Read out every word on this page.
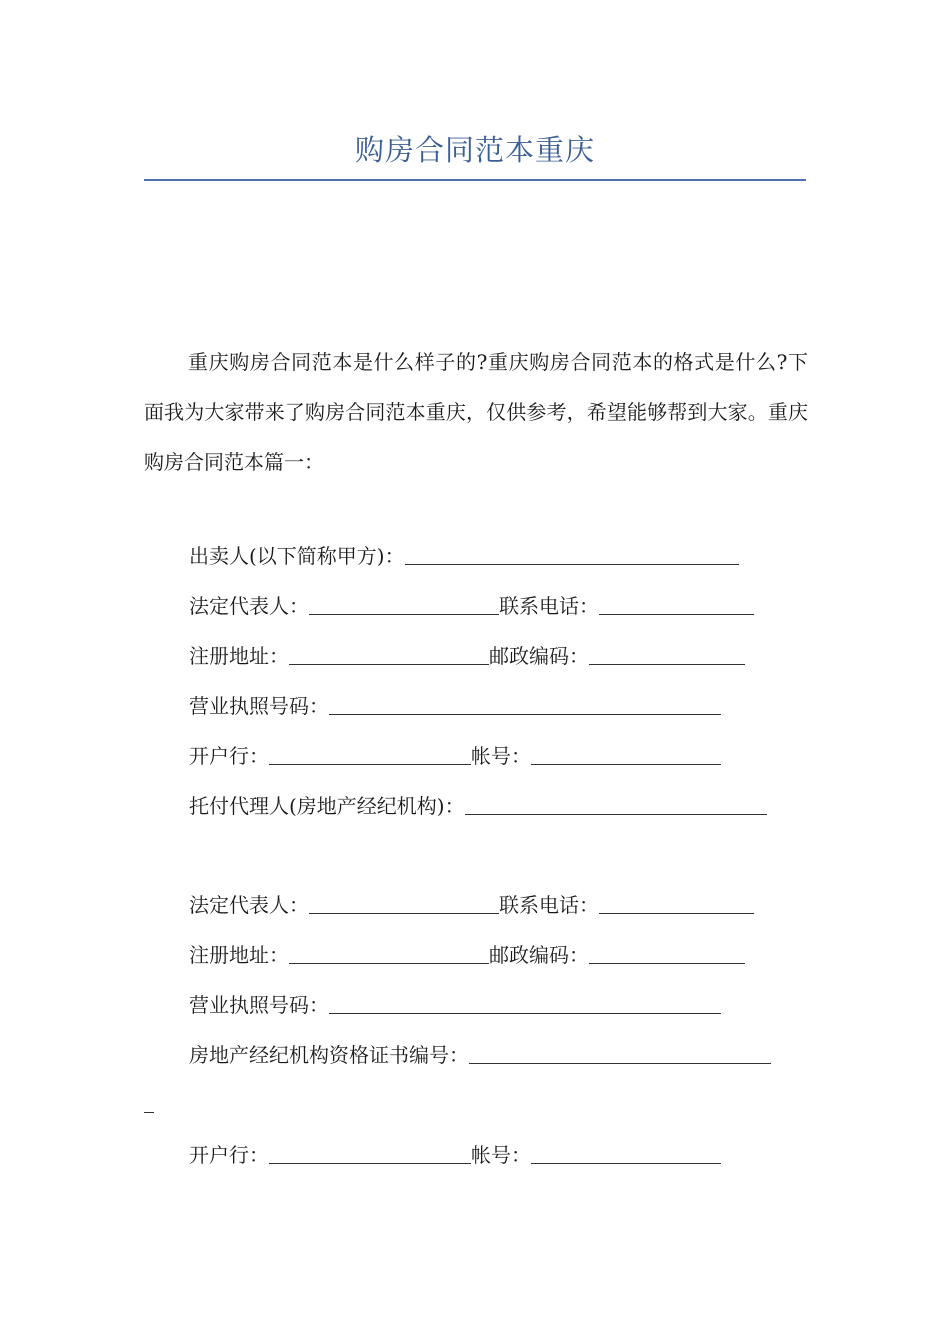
购房合同范本重庆

重庆购房合同范本是什么样子的?重庆购房合同范本的格式是什么?下面我为大家带来了购房合同范本重庆，仅供参考，希望能够帮到大家。重庆购房合同范本篇一：

出卖人(以下简称甲方)：
法定代表人：	联系电话：
注册地址：	邮政编码：
营业执照号码：
开户行：	帐号：
托付代理人(房地产经纪机构)：
法定代表人：	联系电话：
注册地址：	邮政编码：
营业执照号码：
房地产经纪机构资格证书编号：
开户行：	帐号：
